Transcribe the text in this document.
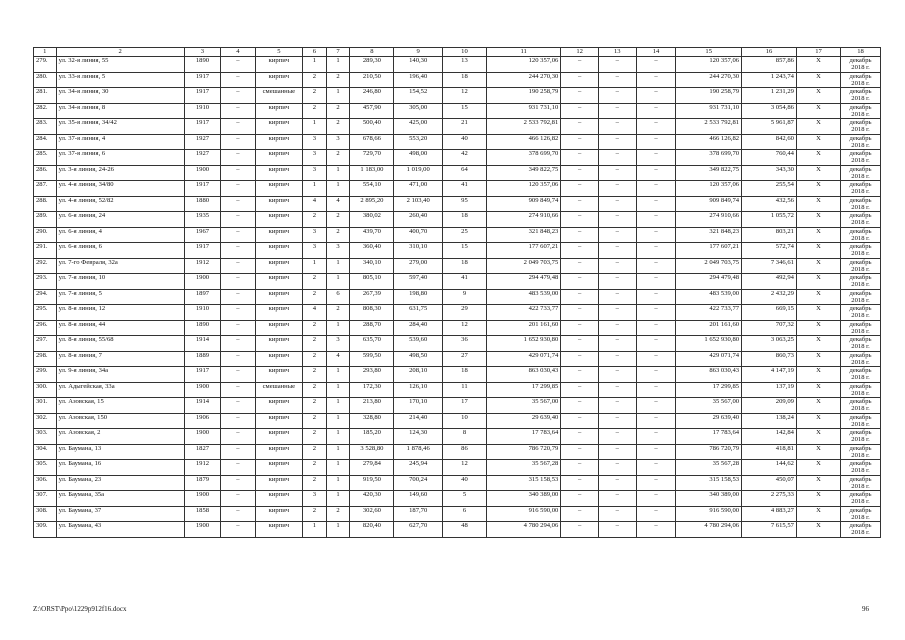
1	2	3	4	5	6	7	8	9	10	11	12	13	14	15	16	17	18
279.	ул. 32-я линия, 55	1890	–	кирпич	1	1	289,30	140,30	13	120 357,06	–	–	–	120 357,06	857,86	Х	декабрь 2018 г.
280.	ул. 33-я линия, 5	1917	–	кирпич	2	2	210,50	196,40	18	244 270,30	–	–	–	244 270,30	1 243,74	Х	декабрь 2018 г.
281.	ул. 34-я линия, 30	1917	–	смешанные	2	1	246,80	154,52	12	190 258,79	–	–	–	190 258,79	1 231,29	Х	декабрь 2018 г.
282.	ул. 34-я линия, 8	1910	–	кирпич	2	2	457,90	305,00	15	931 731,10	–	–	–	931 731,10	3 054,86	Х	декабрь 2018 г.
283.	ул. 35-я линия, 34/42	1917	–	кирпич	1	2	500,40	425,00	21	2 533 792,81	–	–	–	2 533 792,81	5 961,87	Х	декабрь 2018 г.
284.	ул. 37-я линия, 4	1927	–	кирпич	3	3	678,66	553,20	40	466 126,82	–	–	–	466 126,82	842,60	Х	декабрь 2018 г.
285.	ул. 37-я линия, 6	1927	–	кирпич	3	2	729,70	498,00	42	378 699,70	–	–	–	378 699,70	760,44	Х	декабрь 2018 г.
286.	ул. 3-я линия, 24-26	1900	–	кирпич	3	1	1 183,00	1 019,00	64	349 822,75	–	–	–	349 822,75	343,30	Х	декабрь 2018 г.
287.	ул. 4-я линия, 34/80	1917	–	кирпич	1	1	554,10	471,00	41	120 357,06	–	–	–	120 357,06	255,54	Х	декабрь 2018 г.
288.	ул. 4-я линия, 52/82	1880	–	кирпич	4	4	2 895,20	2 103,40	95	909 849,74	–	–	–	909 849,74	432,56	Х	декабрь 2018 г.
289.	ул. 6-я линия, 24	1935	–	кирпич	2	2	380,02	260,40	18	274 910,66	–	–	–	274 910,66	1 055,72	Х	декабрь 2018 г.
290.	ул. 6-я линия, 4	1967	–	кирпич	3	2	439,70	400,70	25	321 848,23	–	–	–	321 848,23	803,21	Х	декабрь 2018 г.
291.	ул. 6-я линия, 6	1917	–	кирпич	3	3	360,40	310,10	15	177 607,21	–	–	–	177 607,21	572,74	Х	декабрь 2018 г.
292.	ул. 7-го Февраля, 32а	1912	–	кирпич	1	1	340,10	279,00	18	2 049 703,75	–	–	–	2 049 703,75	7 346,61	Х	декабрь 2018 г.
293.	ул. 7-я линия, 10	1900	–	кирпич	2	1	805,10	597,40	41	294 479,48	–	–	–	294 479,48	492,94	Х	декабрь 2018 г.
294.	ул. 7-я линия, 5	1897	–	кирпич	2	6	267,39	198,80	9	483 539,00	–	–	–	483 539,00	2 432,29	Х	декабрь 2018 г.
295.	ул. 8-я линия, 12	1910	–	кирпич	4	2	808,30	631,75	29	422 733,77	–	–	–	422 733,77	669,15	Х	декабрь 2018 г.
296.	ул. 8-я линия, 44	1890	–	кирпич	2	1	288,70	284,40	12	201 161,60	–	–	–	201 161,60	707,32	Х	декабрь 2018 г.
297.	ул. 8-я линия, 55/68	1914	–	кирпич	2	3	635,70	539,60	36	1 652 930,80	–	–	–	1 652 930,80	3 063,25	Х	декабрь 2018 г.
298.	ул. 8-я линия, 7	1889	–	кирпич	2	4	599,50	498,50	27	429 071,74	–	–	–	429 071,74	860,73	Х	декабрь 2018 г.
299.	ул. 9-я линия, 34а	1917	–	кирпич	2	1	293,80	208,10	18	863 030,43	–	–	–	863 030,43	4 147,19	Х	декабрь 2018 г.
300.	ул. Адыгейская, 33а	1900	–	смешанные	2	1	172,30	126,10	11	17 299,85	–	–	–	17 299,85	137,19	Х	декабрь 2018 г.
301.	ул. Азовская, 15	1914	–	кирпич	2	1	213,80	170,10	17	35 567,00	–	–	–	35 567,00	209,09	Х	декабрь 2018 г.
302.	ул. Азовская, 150	1906	–	кирпич	2	1	328,80	214,40	10	29 639,40	–	–	–	29 639,40	138,24	Х	декабрь 2018 г.
303.	ул. Азовская, 2	1900	–	кирпич	2	1	185,20	124,30	8	17 783,64	–	–	–	17 783,64	142,84	Х	декабрь 2018 г.
304.	ул. Баумана, 13	1827	–	кирпич	2	1	3 528,80	1 878,46	86	786 720,79	–	–	–	786 720,79	418,81	Х	декабрь 2018 г.
305.	ул. Баумана, 16	1912	–	кирпич	2	1	279,84	245,94	12	35 567,28	–	–	–	35 567,28	144,62	Х	декабрь 2018 г.
306.	ул. Баумана, 23	1879	–	кирпич	2	1	919,50	700,24	40	315 158,53	–	–	–	315 158,53	450,07	Х	декабрь 2018 г.
307.	ул. Баумана, 35а	1900	–	кирпич	3	1	420,30	149,60	5	340 389,00	–	–	–	340 389,00	2 275,33	Х	декабрь 2018 г.
308.	ул. Баумана, 37	1858	–	кирпич	2	2	302,60	187,70	6	916 590,00	–	–	–	916 590,00	4 883,27	Х	декабрь 2018 г.
309.	ул. Баумана, 43	1900	–	кирпич	1	1	820,40	627,70	48	4 780 294,06	–	–	–	4 780 294,06	7 615,57	Х	декабрь 2018 г.
Z:\ORST\Ppo\1229p912f16.docx	96
